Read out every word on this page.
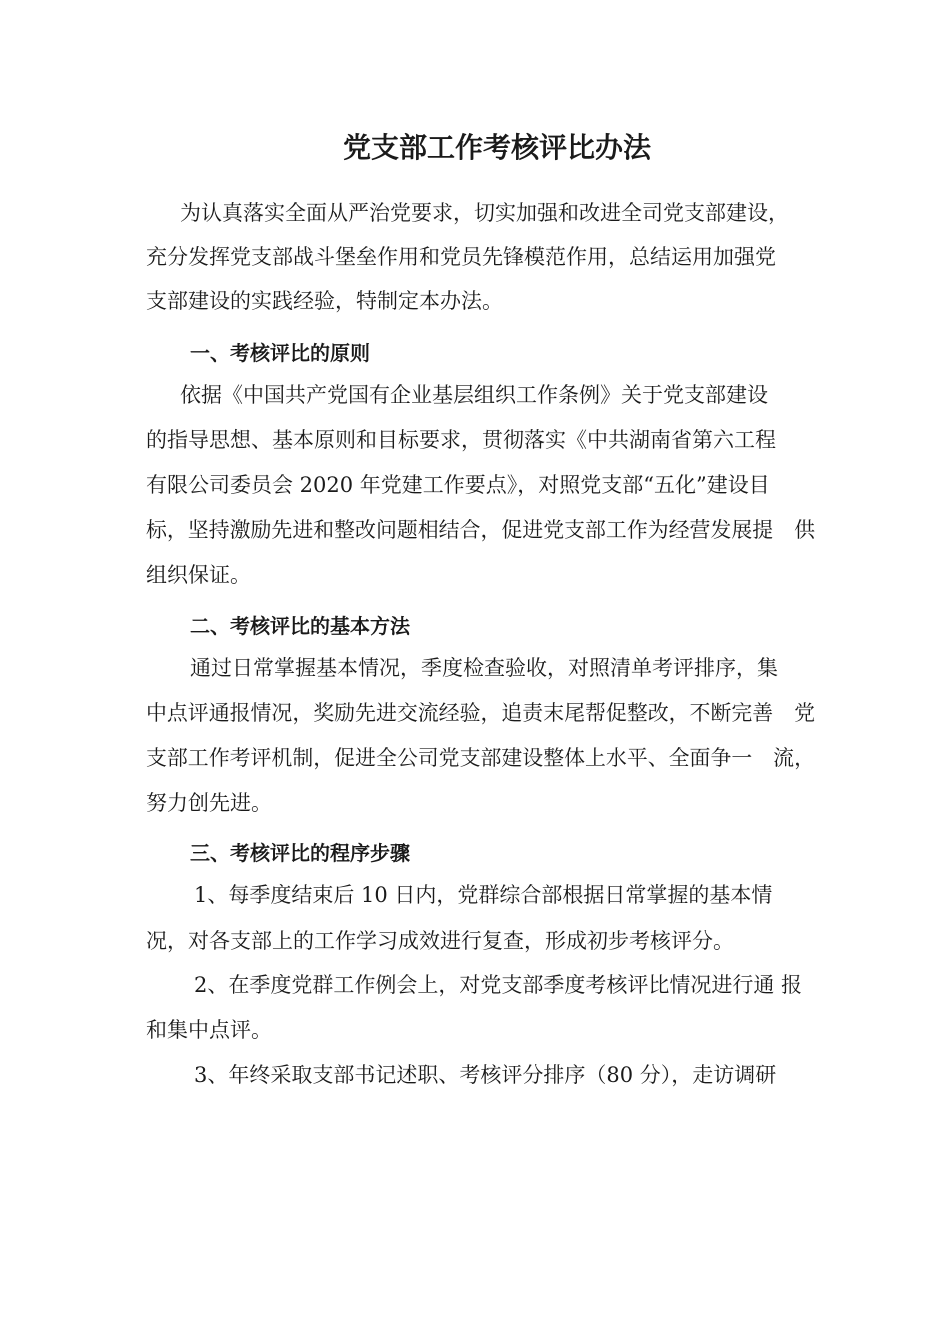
党支部工作考核评比办法
为认真落实全面从严治党要求，切实加强和改进全司党支部建设，
充分发挥党支部战斗堡垒作用和党员先锋模范作用，总结运用加强党
支部建设的实践经验，特制定本办法。
一、考核评比的原则
依据《中国共产党国有企业基层组织工作条例》关于党支部建设
的指导思想、基本原则和目标要求，贯彻落实《中共湖南省第六工程
有限公司委员会 2020 年党建工作要点》，对照党支部“五化”建设目
标，坚持激励先进和整改问题相结合，促进党支部工作为经营发展提　供
组织保证。
二、考核评比的基本方法
通过日常掌握基本情况，季度检查验收，对照清单考评排序，集
中点评通报情况，奖励先进交流经验，追责末尾帮促整改，不断完善　党
支部工作考评机制，促进全公司党支部建设整体上水平、全面争一　流，
努力创先进。
三、考核评比的程序步骤
1、每季度结束后 10 日内，党群综合部根据日常掌握的基本情
况，对各支部上的工作学习成效进行复查，形成初步考核评分。
2、在季度党群工作例会上，对党支部季度考核评比情况进行通 报
和集中点评。
3、年终采取支部书记述职、考核评分排序（80 分），走访调研
